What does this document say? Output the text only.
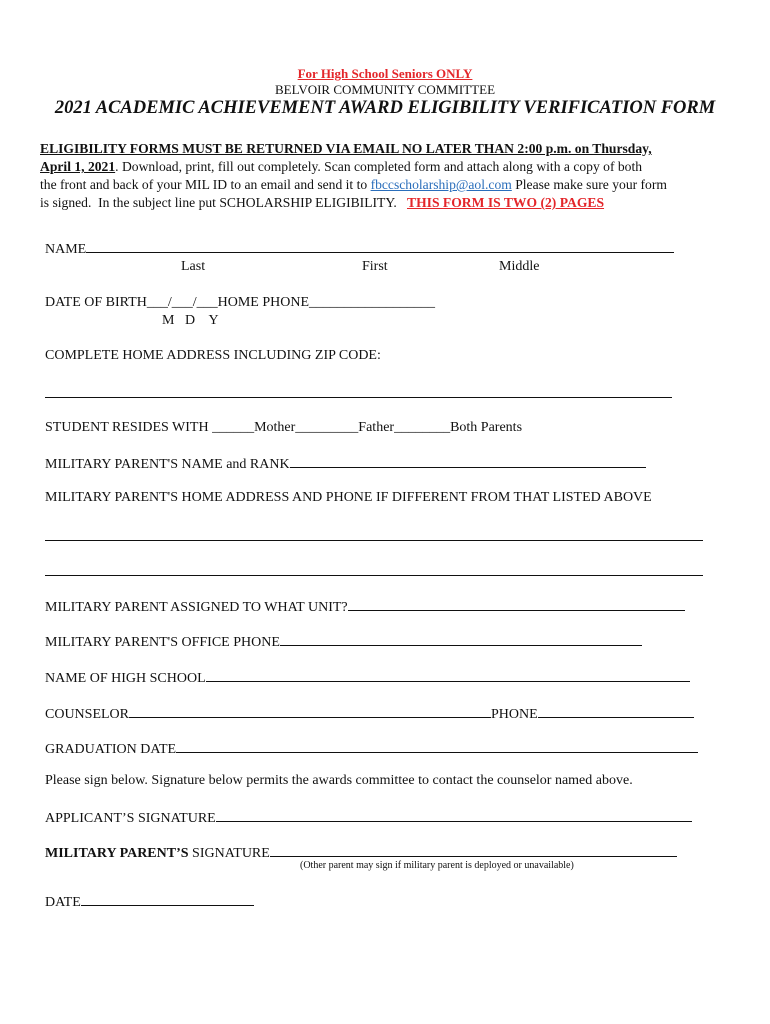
For High School Seniors ONLY
BELVOIR COMMUNITY COMMITTEE
2021 ACADEMIC ACHIEVEMENT AWARD ELIGIBILITY VERIFICATION FORM
ELIGIBILITY FORMS MUST BE RETURNED VIA EMAIL NO LATER THAN 2:00 p.m. on Thursday,
April 1, 2021. Download, print, fill out completely. Scan completed form and attach along with a copy of both
the front and back of your MIL ID to an email and send it to fbccscholarship@aol.com Please make sure your form
is signed.  In the subject line put SCHOLARSHIP ELIGIBILITY.   THIS FORM IS TWO (2) PAGES
NAME
Last	First	Middle
DATE OF BIRTH___/___/___HOME PHONE__________________
M   D    Y
COMPLETE HOME ADDRESS INCLUDING ZIP CODE:
STUDENT RESIDES WITH ______Mother_________Father________Both Parents
MILITARY PARENT'S NAME and RANK
MILITARY PARENT'S HOME ADDRESS AND PHONE IF DIFFERENT FROM THAT LISTED ABOVE
MILITARY PARENT ASSIGNED TO WHAT UNIT?
MILITARY PARENT'S OFFICE PHONE
NAME OF HIGH SCHOOL
COUNSELOR	PHONE
GRADUATION DATE
Please sign below. Signature below permits the awards committee to contact the counselor named above.
APPLICANT’S SIGNATURE
MILITARY PARENT’S SIGNATURE
(Other parent may sign if military parent is deployed or unavailable)
DATE
